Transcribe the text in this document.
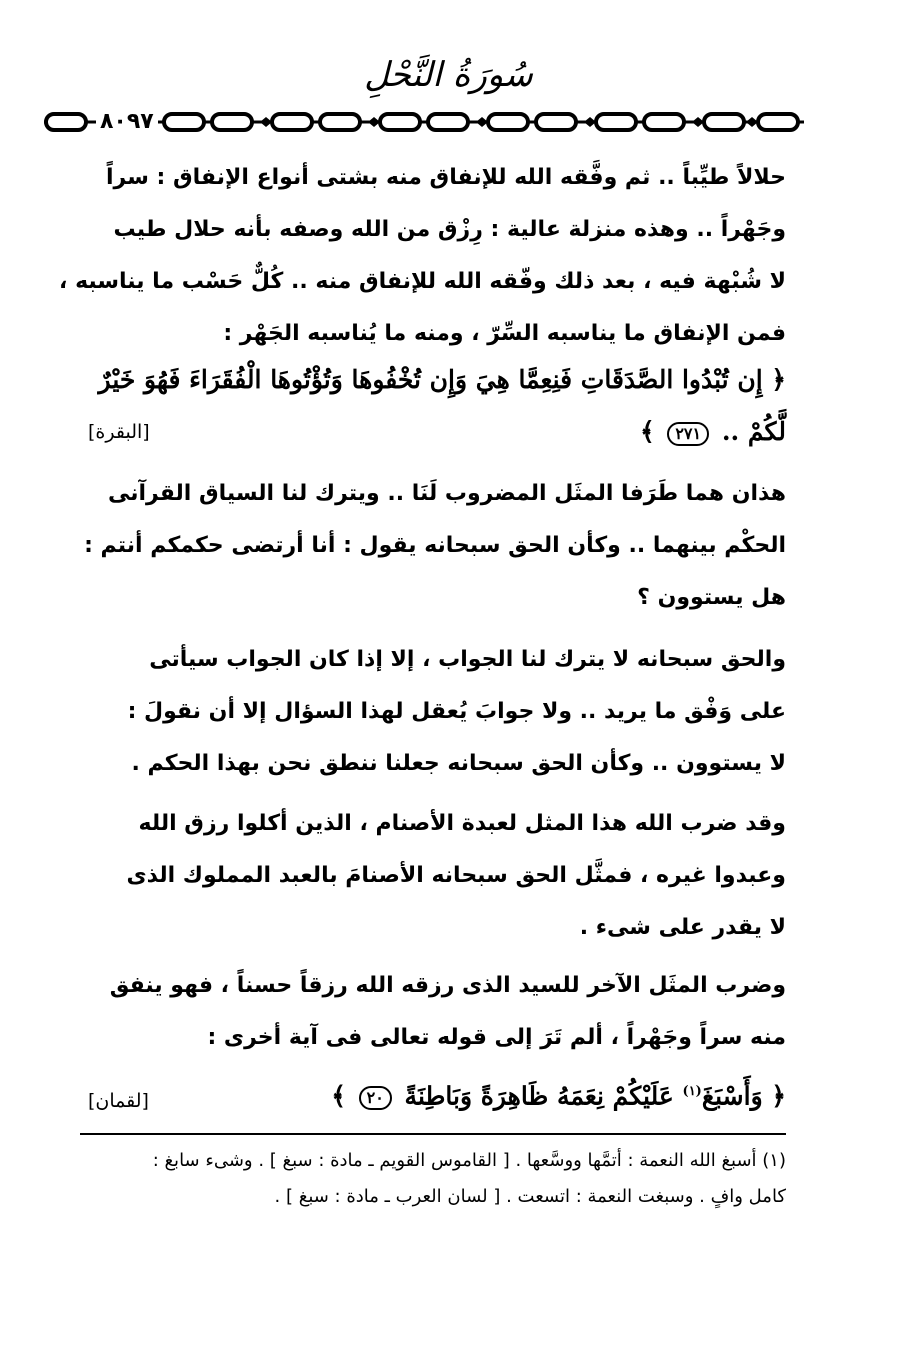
سُورَةُ النَّحْلِ
٨٠٩٧
حلالاً طيِّباً .. ثم وفَّقه الله للإنفاق منه بشتى أنواع الإنفاق : سراً
وجَهْراً .. وهذه منزلة عالية : رِزْق من الله وصفه بأنه حلال طيب
لا شُبْهة فيه ، بعد ذلك وفّقه الله للإنفاق منه .. كُلٌّ حَسْب ما يناسبه ،
فمن الإنفاق ما يناسبه السِّرّ ، ومنه ما يُناسبه الجَهْر :
﴿ إِن تُبْدُوا الصَّدَقَاتِ فَنِعِمَّا هِيَ وَإِن تُخْفُوهَا وَتُؤْتُوهَا الْفُقَرَاءَ فَهُوَ خَيْرٌ
لَّكُمْ .. ٢٧١ ﴾
[البقرة]
هذان هما طَرَفا المثَل المضروب لَنَا .. ويترك لنا السياق القرآنى
الحكْم بينهما .. وكأن الحق سبحانه يقول : أنا أرتضى حكمكم أنتم :
هل يستوون ؟
والحق سبحانه لا يترك لنا الجواب ، إلا إذا كان الجواب سيأتى
على وَفْق ما يريد .. ولا جوابَ يُعقل لهذا السؤال إلا أن نقولَ :
لا يستوون .. وكأن الحق سبحانه جعلنا ننطق نحن بهذا الحكم .
وقد ضرب الله هذا المثل لعبدة الأصنام ، الذين أكلوا رزق الله
وعبدوا غيره ، فمثَّل الحق سبحانه الأصنامَ بالعبد المملوك الذى
لا يقدر على شىء .
وضرب المثَل الآخر للسيد الذى رزقه الله رزقاً حسناً ، فهو ينفق
منه سراً وجَهْراً ، ألم تَرَ إلى قوله تعالى فى آية أخرى :
﴿ وَأَسْبَغَ$^{(١)}$ عَلَيْكُمْ نِعَمَهُ ظَاهِرَةً وَبَاطِنَةً ٢٠ ﴾
[لقمان]
(١) أسبغ الله النعمة : أتمَّها ووسَّعها . [ القاموس القويم ـ مادة : سبغ ] . وشىء سابغ :
كامل وافٍ . وسبغت النعمة : اتسعت . [ لسان العرب ـ مادة : سبغ ] .
